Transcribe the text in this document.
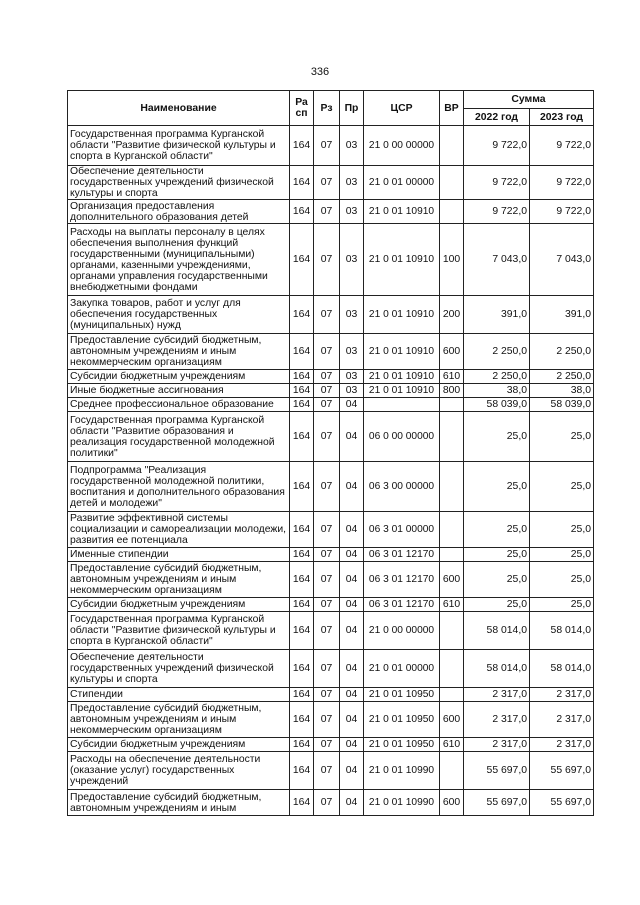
336
Наименование	Ра сп	Рз	Пр	ЦСР	ВР	Сумма	
						2022 год	2023 год
Государственная программа Курганской области "Развитие физической культуры и спорта в Курганской области"	164	07	03	21 0 00 00000		9 722,0	9 722,0
Обеспечение деятельности государственных учреждений физической культуры и спорта	164	07	03	21 0 01 00000		9 722,0	9 722,0
Организация предоставления дополнительного образования детей	164	07	03	21 0 01 10910		9 722,0	9 722,0
Расходы на выплаты персоналу в целях обеспечения выполнения функций государственными (муниципальными) органами, казенными учреждениями, органами управления государственными внебюджетными фондами	164	07	03	21 0 01 10910	100	7 043,0	7 043,0
Закупка товаров, работ и услуг для обеспечения государственных (муниципальных) нужд	164	07	03	21 0 01 10910	200	391,0	391,0
Предоставление субсидий бюджетным, автономным учреждениям и иным некоммерческим организациям	164	07	03	21 0 01 10910	600	2 250,0	2 250,0
Субсидии бюджетным учреждениям	164	07	03	21 0 01 10910	610	2 250,0	2 250,0
Иные бюджетные ассигнования	164	07	03	21 0 01 10910	800	38,0	38,0
Среднее профессиональное образование	164	07	04			58 039,0	58 039,0
Государственная программа Курганской области "Развитие образования и реализация государственной молодежной политики"	164	07	04	06 0 00 00000		25,0	25,0
Подпрограмма "Реализация государственной молодежной политики, воспитания и дополнительного образования детей и молодежи"	164	07	04	06 3 00 00000		25,0	25,0
Развитие эффективной системы социализации и самореализации молодежи, развития ее потенциала	164	07	04	06 3 01 00000		25,0	25,0
Именные стипендии	164	07	04	06 3 01 12170		25,0	25,0
Предоставление субсидий бюджетным, автономным учреждениям и иным некоммерческим организациям	164	07	04	06 3 01 12170	600	25,0	25,0
Субсидии бюджетным учреждениям	164	07	04	06 3 01 12170	610	25,0	25,0
Государственная программа Курганской области "Развитие физической культуры и спорта в Курганской области"	164	07	04	21 0 00 00000		58 014,0	58 014,0
Обеспечение деятельности государственных учреждений физической культуры и спорта	164	07	04	21 0 01 00000		58 014,0	58 014,0
Стипендии	164	07	04	21 0 01 10950		2 317,0	2 317,0
Предоставление субсидий бюджетным, автономным учреждениям и иным некоммерческим организациям	164	07	04	21 0 01 10950	600	2 317,0	2 317,0
Субсидии бюджетным учреждениям	164	07	04	21 0 01 10950	610	2 317,0	2 317,0
Расходы на обеспечение деятельности (оказание услуг) государственных учреждений	164	07	04	21 0 01 10990		55 697,0	55 697,0
Предоставление субсидий бюджетным, автономным учреждениям и иным	164	07	04	21 0 01 10990	600	55 697,0	55 697,0
